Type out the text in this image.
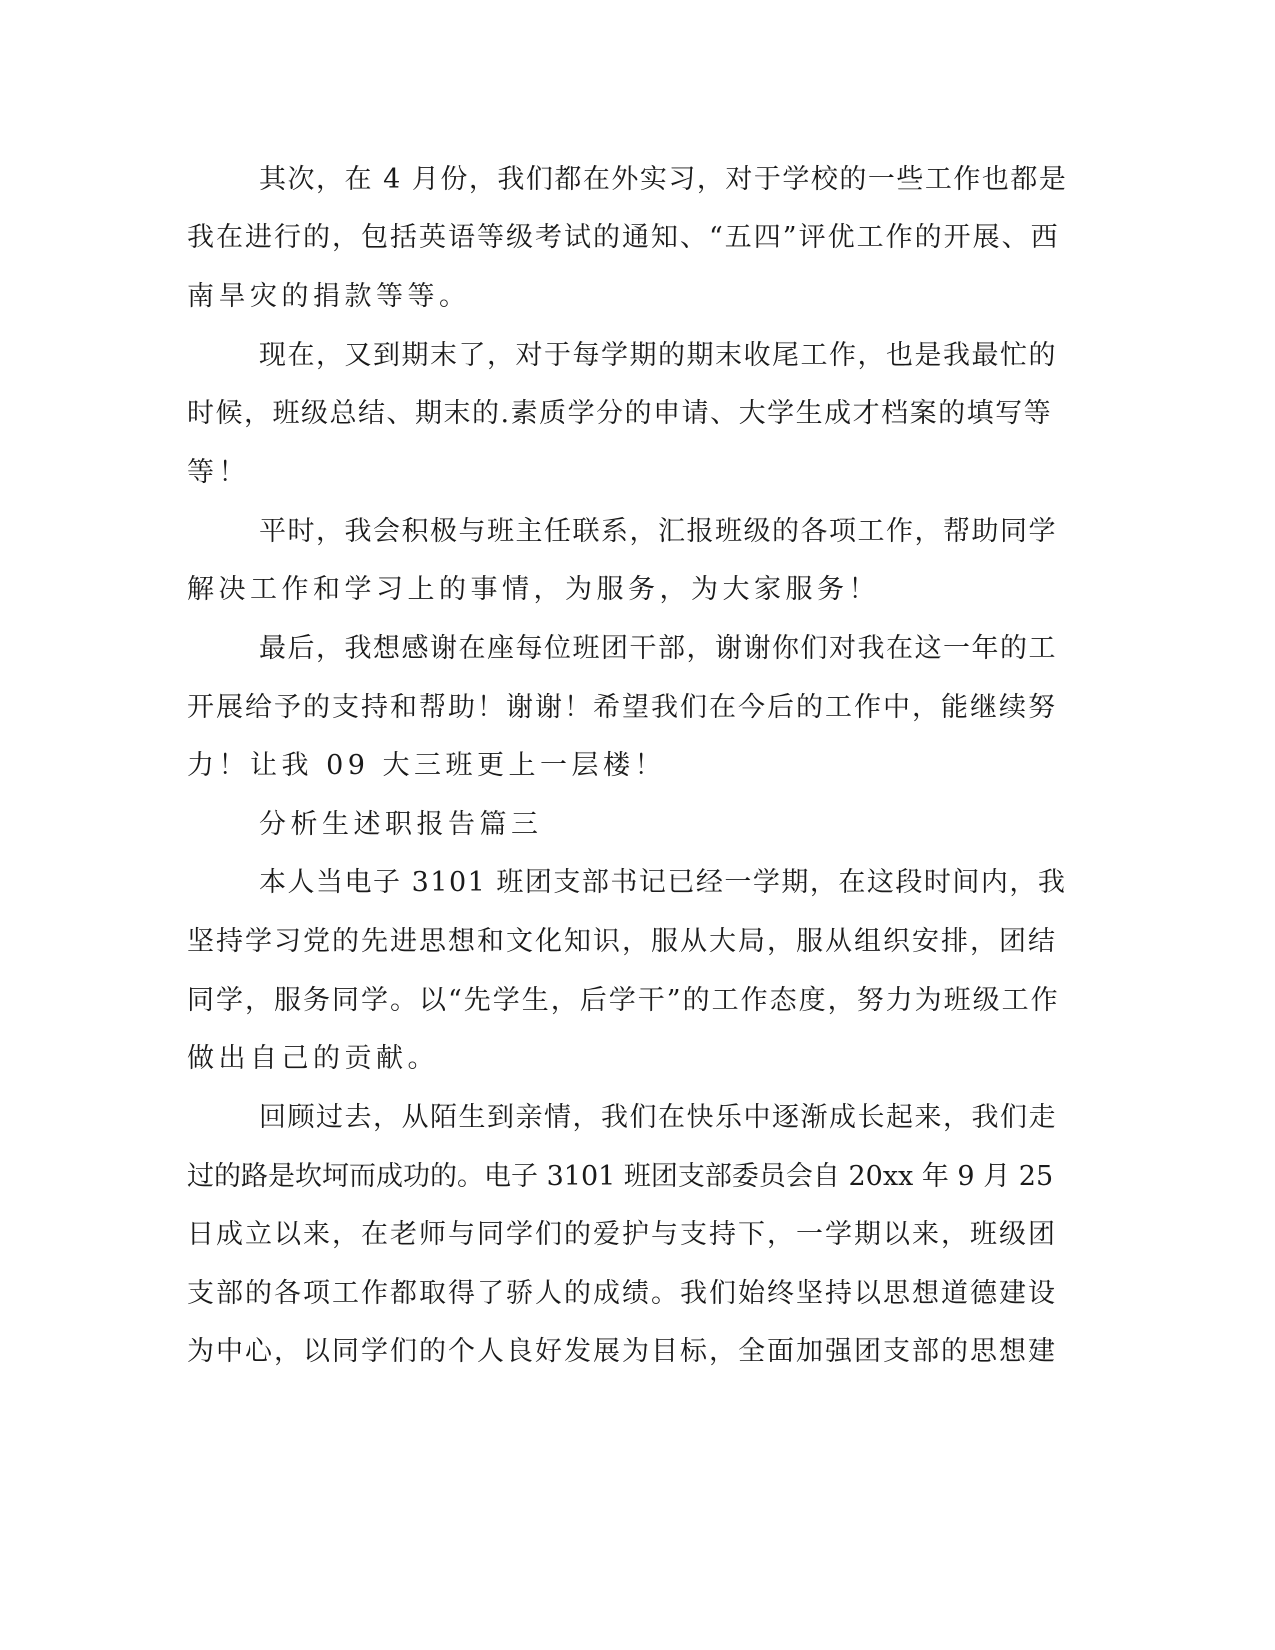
其次，在 4 月份，我们都在外实习，对于学校的一些工作也都是
我在进行的，包括英语等级考试的通知、“五四”评优工作的开展、西
南旱灾的捐款等等。
现在，又到期末了，对于每学期的期末收尾工作，也是我最忙的
时候，班级总结、期末的.素质学分的申请、大学生成才档案的填写等
等！
平时，我会积极与班主任联系，汇报班级的各项工作，帮助同学
解决工作和学习上的事情，为服务，为大家服务！
最后，我想感谢在座每位班团干部，谢谢你们对我在这一年的工
开展给予的支持和帮助！谢谢！希望我们在今后的工作中，能继续努
力！让我 09 大三班更上一层楼！
分析生述职报告篇三
本人当电子 3101 班团支部书记已经一学期，在这段时间内，我
坚持学习党的先进思想和文化知识，服从大局，服从组织安排，团结
同学，服务同学。以“先学生，后学干”的工作态度，努力为班级工作
做出自己的贡献。
回顾过去，从陌生到亲情，我们在快乐中逐渐成长起来，我们走
过的路是坎坷而成功的。电子 3101 班团支部委员会自 20xx 年 9 月 25
日成立以来，在老师与同学们的爱护与支持下，一学期以来，班级团
支部的各项工作都取得了骄人的成绩。我们始终坚持以思想道德建设
为中心，以同学们的个人良好发展为目标，全面加强团支部的思想建
